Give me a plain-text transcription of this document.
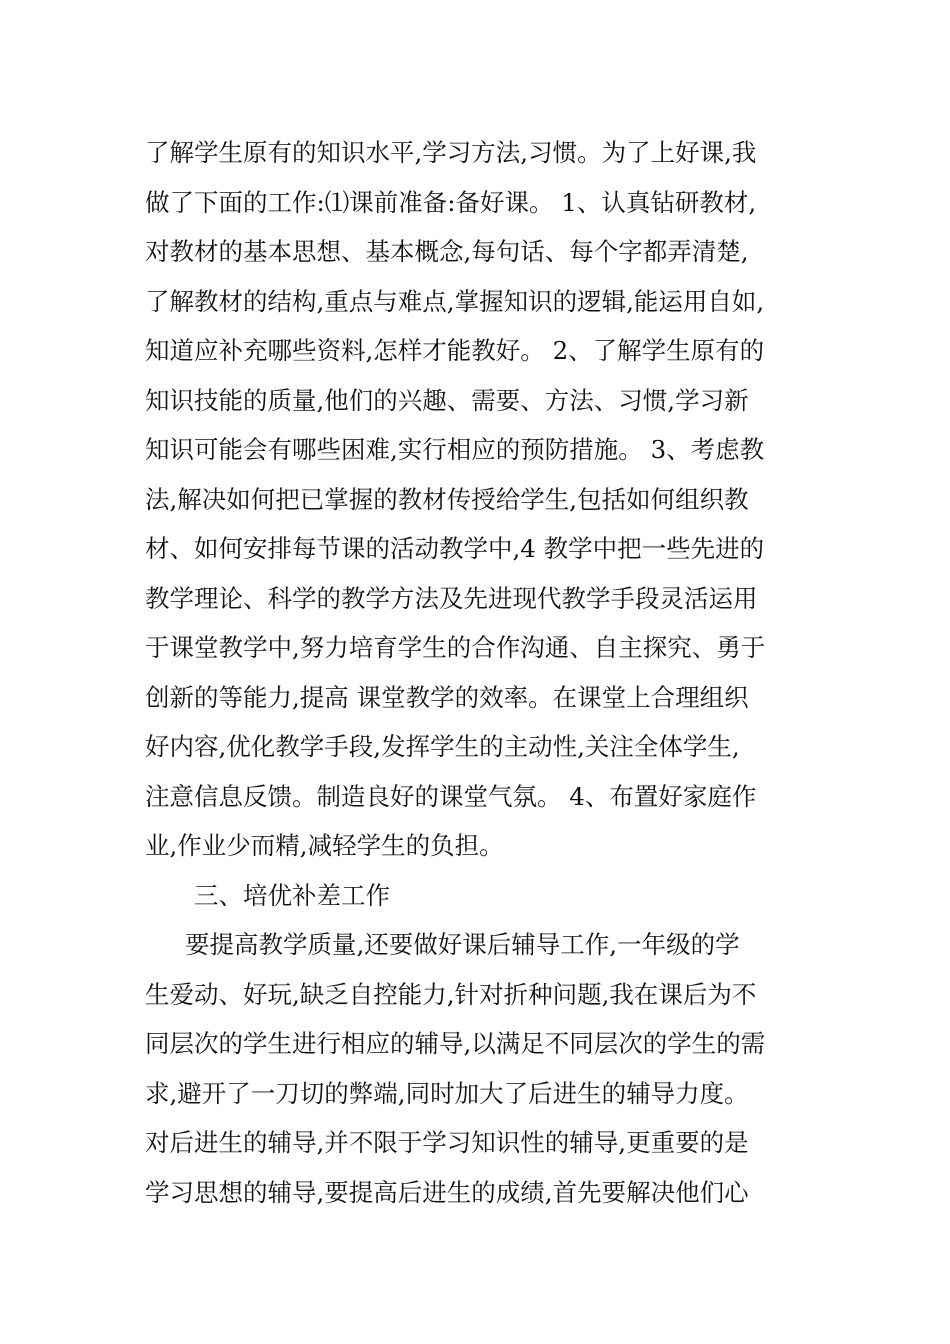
了解学生原有的知识水平,学习方法,习惯。为了上好课,我
做了下面的工作:⑴课前准备:备好课。 1、认真钻研教材,
对教材的基本思想、基本概念,每句话、每个字都弄清楚,
了解教材的结构,重点与难点,掌握知识的逻辑,能运用自如,
知道应补充哪些资料,怎样才能教好。 2、了解学生原有的
知识技能的质量,他们的兴趣、需要、方法、习惯,学习新
知识可能会有哪些困难,实行相应的预防措施。 3、考虑教
法,解决如何把已掌握的教材传授给学生,包括如何组织教
材、如何安排每节课的活动教学中,4 教学中把一些先进的
教学理论、科学的教学方法及先进现代教学手段灵活运用
于课堂教学中,努力培育学生的合作沟通、自主探究、勇于
创新的等能力,提高 课堂教学的效率。在课堂上合理组织
好内容,优化教学手段,发挥学生的主动性,关注全体学生,
注意信息反馈。制造良好的课堂气氛。 4、布置好家庭作
业,作业少而精,减轻学生的负担。
三、培优补差工作
要提高教学质量,还要做好课后辅导工作,一年级的学
生爱动、好玩,缺乏自控能力,针对折种问题,我在课后为不
同层次的学生进行相应的辅导,以满足不同层次的学生的需
求,避开了一刀切的弊端,同时加大了后进生的辅导力度。
对后进生的辅导,并不限于学习知识性的辅导,更重要的是
学习思想的辅导,要提高后进生的成绩,首先要解决他们心
